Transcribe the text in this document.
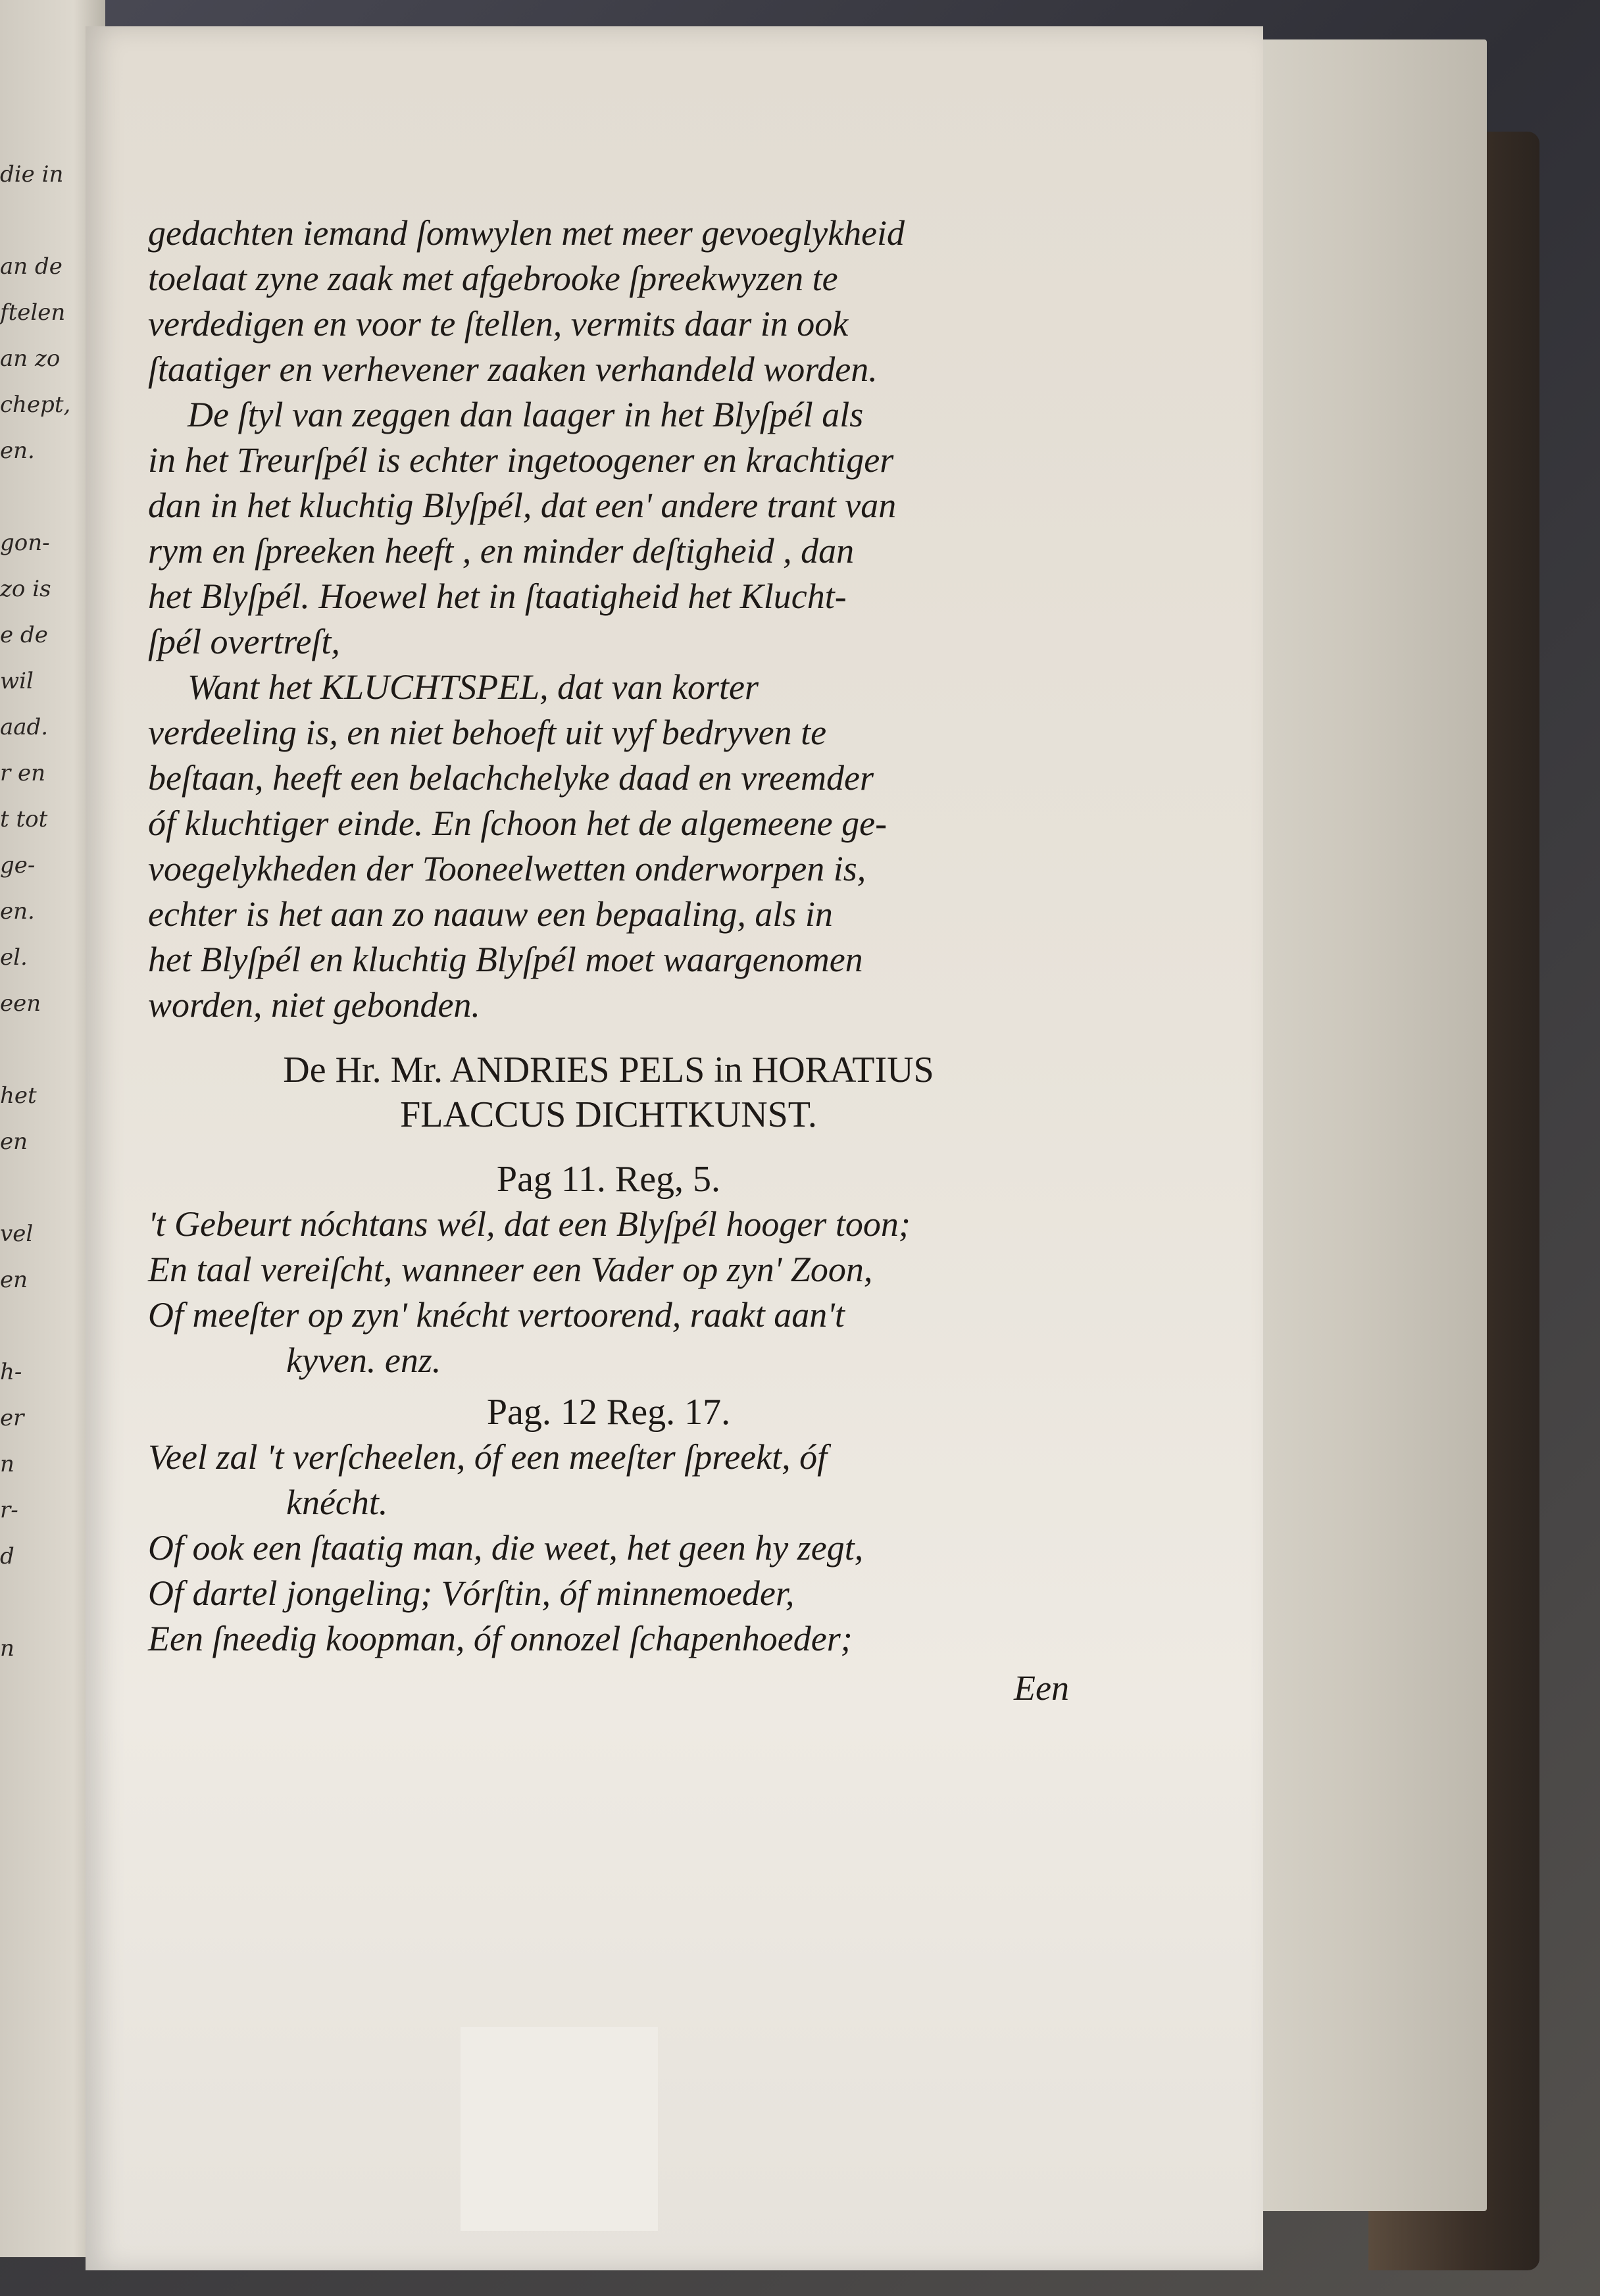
die in

an de
ftelen
an zo
chept,
en.

gon-
zo is
e de
wil
aad.
r en
t tot
ge-
en.
el.
een

het
en

vel
en

h-
er
n
r-
d

n
gedachten iemand ſomwylen met meer gevoeglykheid
toelaat zyne zaak met afgebrooke ſpreekwyzen te
verdedigen en voor te ſtellen, vermits daar in ook
ſtaatiger en verhevener zaaken verhandeld worden.
De ſtyl van zeggen dan laager in het Blyſpél als
in het Treurſpél is echter ingetoogener en krachtiger
dan in het kluchtig Blyſpél, dat een' andere trant van
rym en ſpreeken heeft , en minder deſtigheid , dan
het Blyſpél. Hoewel het in ſtaatigheid het Klucht-
ſpél overtreſt,
Want het KLUCHTSPEL, dat van korter
verdeeling is, en niet behoeft uit vyf bedryven te
beſtaan, heeft een belachchelyke daad en vreemder
óf kluchtiger einde. En ſchoon het de algemeene ge-
voegelykheden der Tooneelwetten onderworpen is,
echter is het aan zo naauw een bepaaling, als in
het Blyſpél en kluchtig Blyſpél moet waargenomen
worden, niet gebonden.
De Hr. Mr. ANDRIES PELS in HORATIUS
FLACCUS DICHTKUNST.
Pag 11. Reg, 5.
't Gebeurt nóchtans wél, dat een Blyſpél hooger toon;
En taal vereiſcht, wanneer een Vader op zyn' Zoon,
Of meeſter op zyn' knécht vertoorend, raakt aan't
kyven. enz.
Pag. 12 Reg. 17.
Veel zal 't verſcheelen, óf een meeſter ſpreekt, óf
knécht.
Of ook een ſtaatig man, die weet, het geen hy zegt,
Of dartel jongeling; Vórſtin, óf minnemoeder,
Een ſneedig koopman, óf onnozel ſchapenhoeder;
Een
